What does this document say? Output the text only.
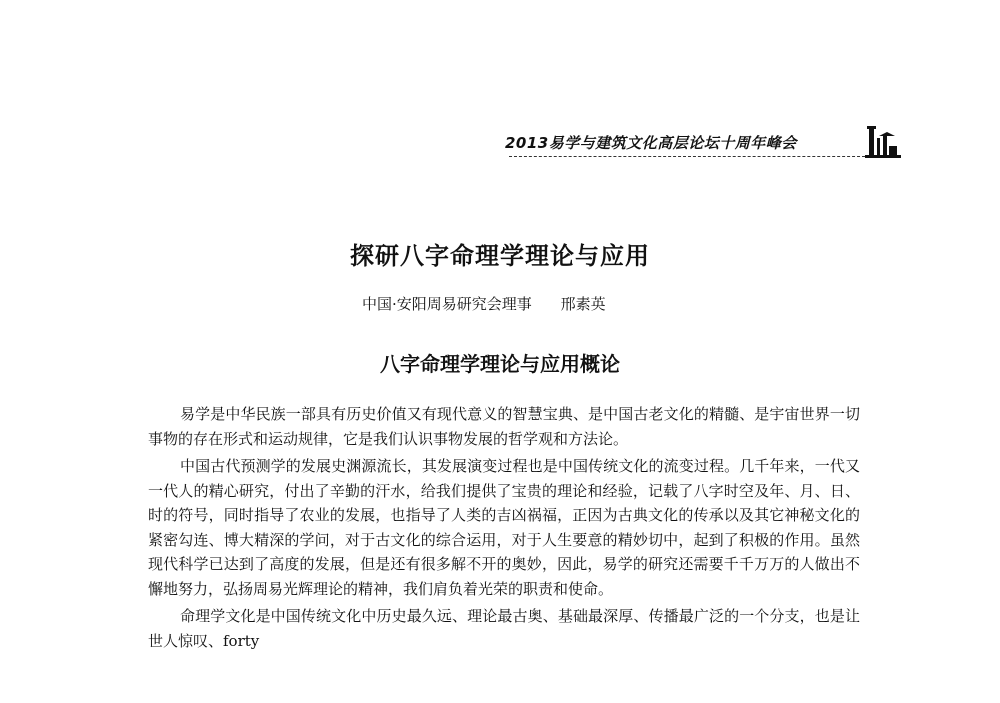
2013易学与建筑文化高层论坛十周年峰会
探研八字命理学理论与应用
中国·安阳周易研究会理事 邢素英
八字命理学理论与应用概论

易学是中华民族一部具有历史价值又有现代意义的智慧宝典、是中国古老文化的精髓、是宇宙世界一切事物的存在形式和运动规律，它是我们认识事物发展的哲学观和方法论。

中国古代预测学的发展史渊源流长，其发展演变过程也是中国传统文化的流变过程。几千年来，一代又一代人的精心研究，付出了辛勤的汗水，给我们提供了宝贵的理论和经验，记载了八字时空及年、月、日、时的符号，同时指导了农业的发展，也指导了人类的吉凶祸福，正因为古典文化的传承以及其它神秘文化的紧密勾连、博大精深的学问，对于古文化的综合运用，对于人生要意的精妙切中，起到了积极的作用。虽然现代科学已达到了高度的发展，但是还有很多解不开的奥妙，因此，易学的研究还需要千千万万的人做出不懈地努力，弘扬周易光辉理论的精神，我们肩负着光荣的职责和使命。

命理学文化是中国传统文化中历史最久远、理论最古奥、基础最深厚、传播最广泛的一个分支，也是让世人惊叹、forty
